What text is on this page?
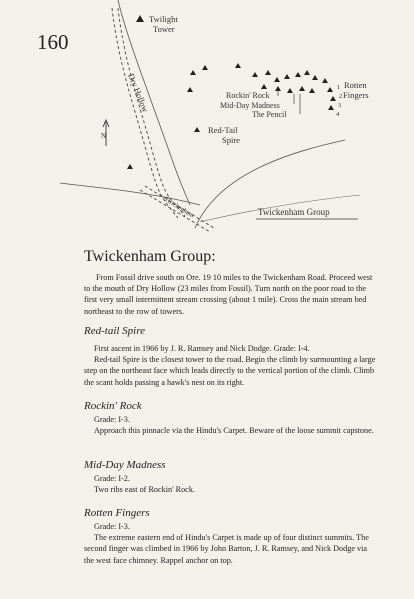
160
Twilight
Tower
Dry Hollow
N
1
2
3
4
Rotten
Fingers
Rockin' Rock
Mid-Day Madness
The Pencil
Red-Tail
Spire
Twickenham	Twickenham Group
Twickenham Group:

From Fossil drive south on Ore. 19 10 miles to the Twickenham Road. Proceed west to the mouth of Dry Hollow (23 miles from Fossil). Turn north on the poor road to the first very small intermittent stream crossing (about 1 mile). Cross the main stream bed northeast to the row of towers.

Red-tail Spire

First ascent in 1966 by J. R. Ramsey and Nick Dodge. Grade: I-4.

Red-tail Spire is the closest tower to the road. Begin the climb by surmounting a large step on the northeast face which leads directly to the vertical portion of the climb. Climb the scant holds passing a hawk's nest on its right.

Rockin' Rock

Grade: I-3.

Approach this pinnacle via the Hindu's Carpet. Beware of the loose summit capstone.

Mid-Day Madness

Grade: I-2.

Two ribs east of Rockin' Rock.

Rotten Fingers

Grade: I-3.

The extreme eastern end of Hindu's Carpet is made up of four distinct summits. The second finger was climbed in 1966 by John Barton, J. R. Ramsey, and Nick Dodge via the west face chimney. Rappel anchor on top.
